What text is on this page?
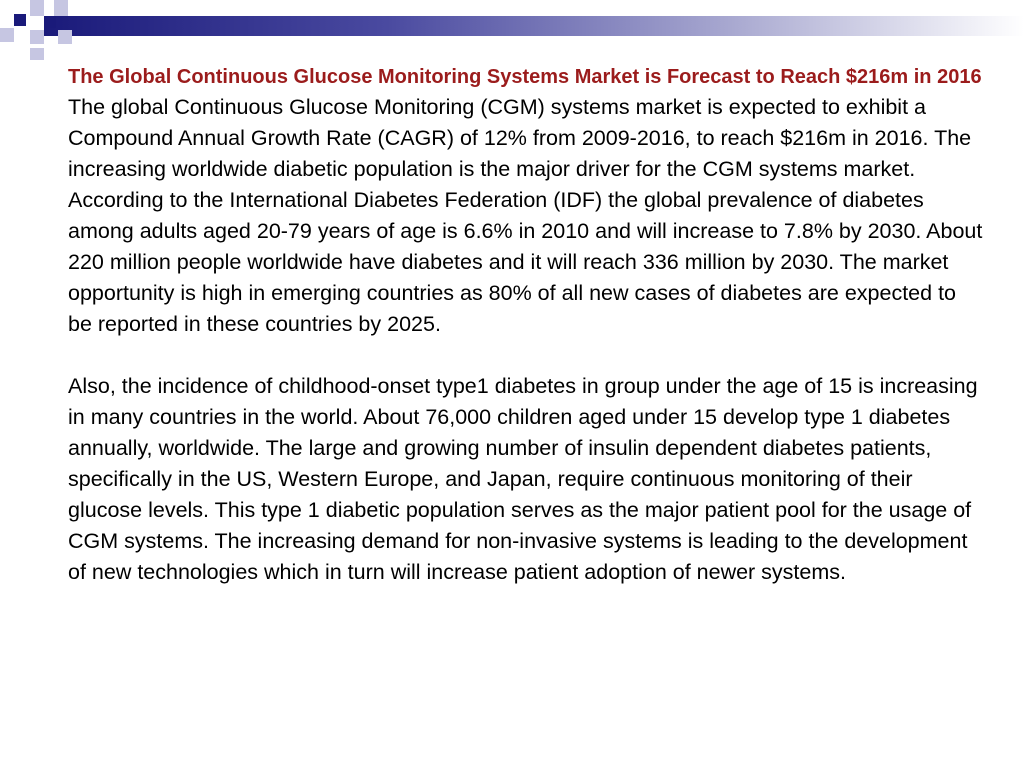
The Global Continuous Glucose Monitoring Systems Market is Forecast to Reach $216m in 2016

The global Continuous Glucose Monitoring (CGM) systems market is expected to exhibit a Compound Annual Growth Rate (CAGR) of 12% from 2009-2016, to reach $216m in 2016. The increasing worldwide diabetic population is the major driver for the CGM systems market. According to the International Diabetes Federation (IDF) the global prevalence of diabetes among adults aged 20-79 years of age is 6.6% in 2010 and will increase to 7.8% by 2030. About 220 million people worldwide have diabetes and it will reach 336 million by 2030. The market opportunity is high in emerging countries as 80% of all new cases of diabetes are expected to be reported in these countries by 2025.

Also, the incidence of childhood-onset type1 diabetes in group under the age of 15 is increasing in many countries in the world. About 76,000 children aged under 15 develop type 1 diabetes annually, worldwide. The large and growing number of insulin dependent diabetes patients, specifically in the US, Western Europe, and Japan, require continuous monitoring of their glucose levels. This type 1 diabetic population serves as the major patient pool for the usage of CGM systems. The increasing demand for non-invasive systems is leading to the development of new technologies which in turn will increase patient adoption of newer systems.
